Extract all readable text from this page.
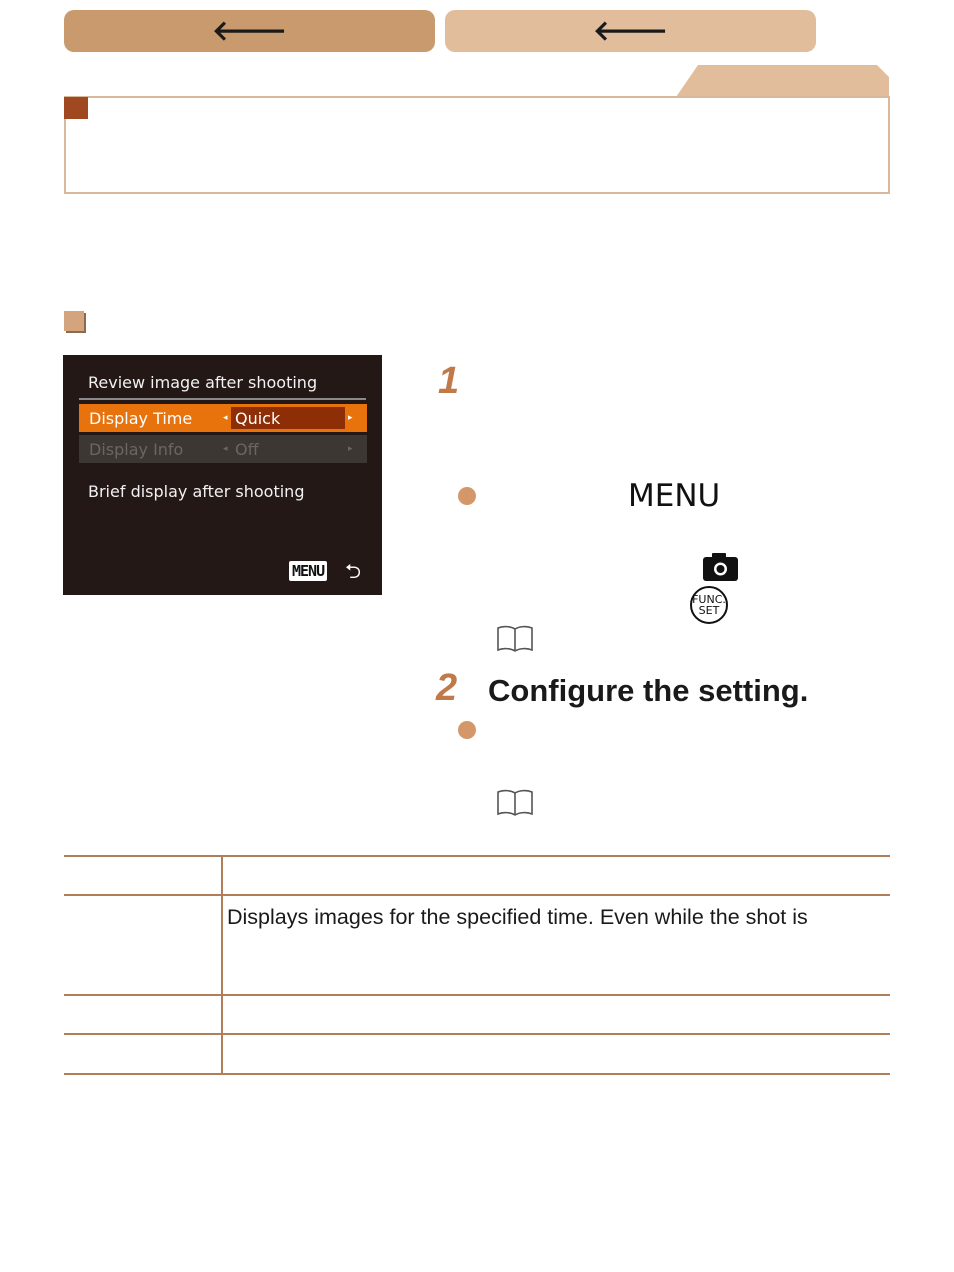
🡐	🡐
Review image after shooting
Display Time	◂ Quick	▸
Display Info	◂ Off	▸
Brief display after shooting
MENU ⮌
1
MENU
FUNC.
SET
2 Configure the setting.
Displays images for the specified time. Even while the shot is
